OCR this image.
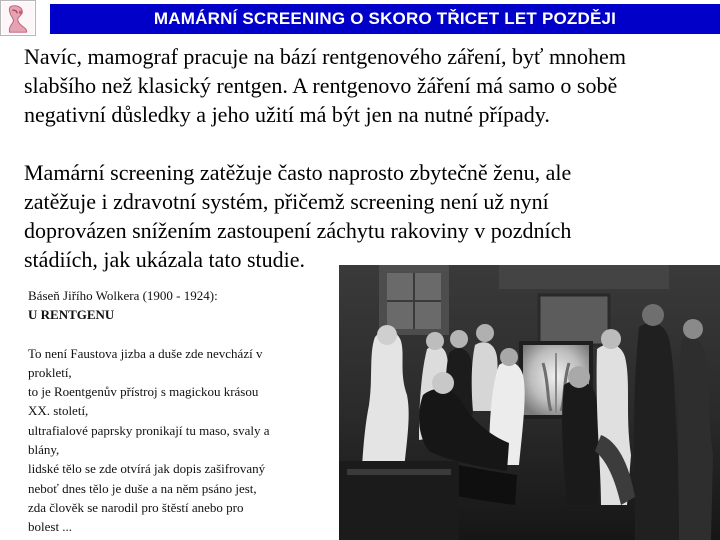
MAMÁRNÍ SCREENING O SKORO TŘICET LET POZDĚJI

Navíc, mamograf pracuje na bází rentgenového záření, byť mnohem
slabšího než klasický rentgen. A rentgenovo žáření má samo o sobě
negativní důsledky a jeho užití má být jen na nutné případy.

Mamární screening zatěžuje často naprosto zbytečně ženu, ale
zatěžuje i zdravotní systém, přičemž screening není už nyní
doprovázen snížením zastoupení záchytu rakoviny v pozdních
stádiích, jak ukázala tato studie.

Báseň Jiřího Wolkera (1900 - 1924):
U RENTGENU
To není Faustova jizba a duše zde nevchází v
prokletí,
to je Roentgenův přístroj s magickou krásou
XX. století,
ultrafialové paprsky pronikají tu maso, svaly a
blány,
lidské tělo se zde otvírá jak dopis zašifrovaný
neboť dnes tělo je duše a na něm psáno jest,
zda člověk se narodil pro štěstí anebo pro
bolest ...
